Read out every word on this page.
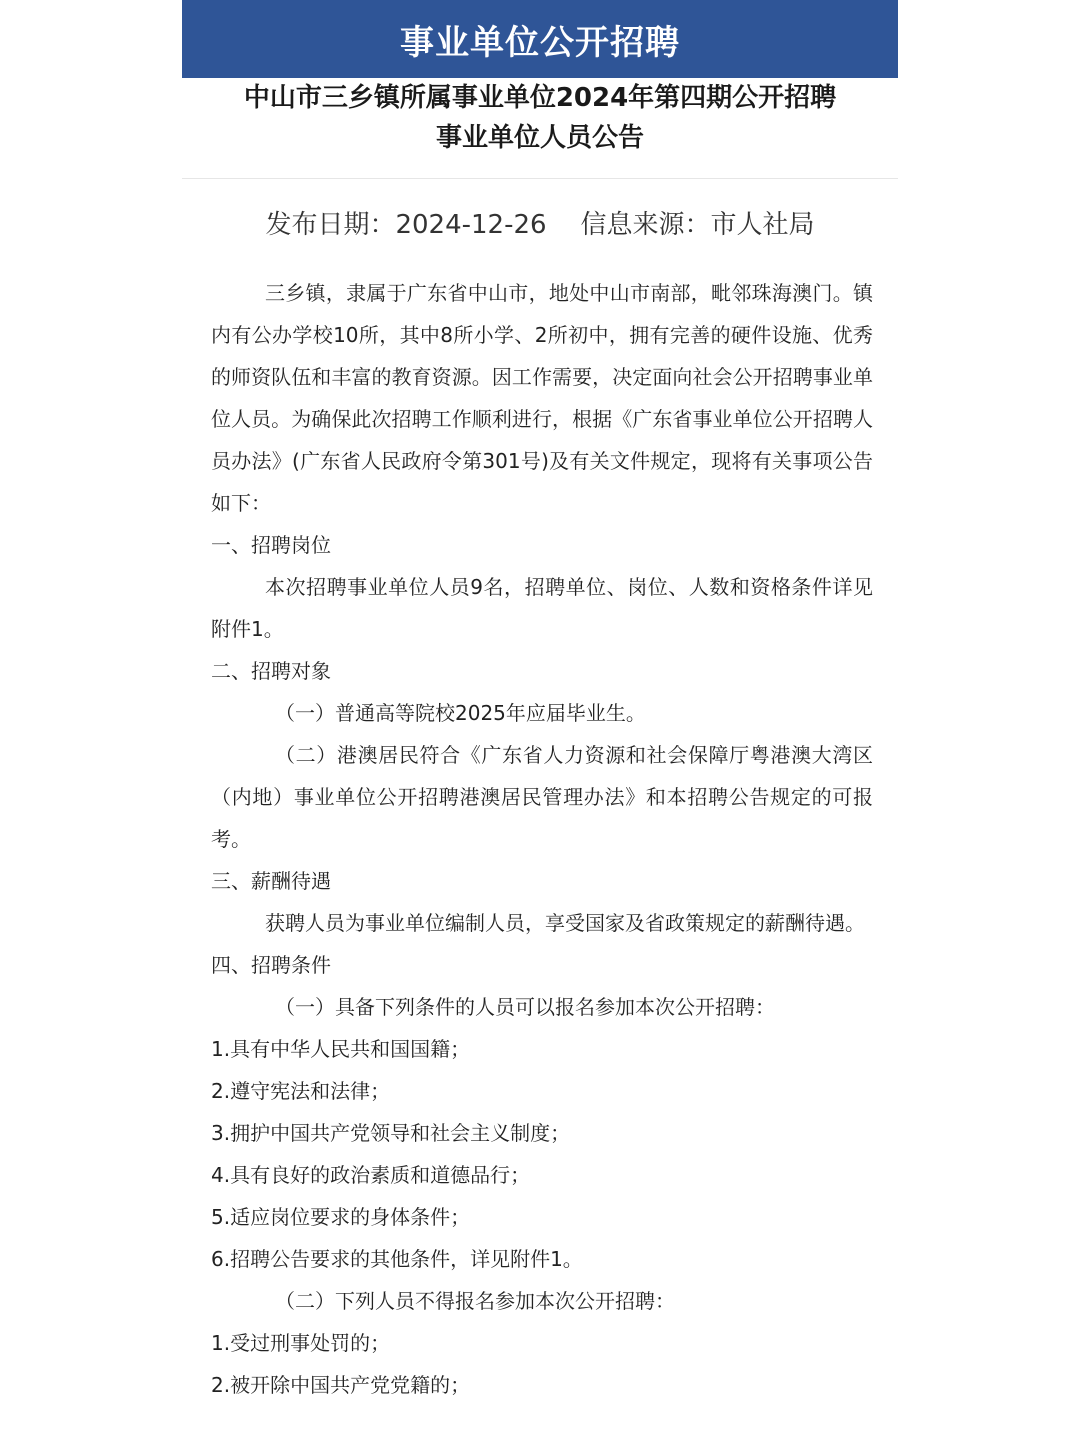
事业单位公开招聘
中山市三乡镇所属事业单位2024年第四期公开招聘
事业单位人员公告
发布日期：2024-12-26 信息来源：市人社局

三乡镇，隶属于广东省中山市，地处中山市南部，毗邻珠海澳门。镇内有公办学校10所，其中8所小学、2所初中，拥有完善的硬件设施、优秀的师资队伍和丰富的教育资源。因工作需要，决定面向社会公开招聘事业单位人员。为确保此次招聘工作顺利进行，根据《广东省事业单位公开招聘人员办法》(广东省人民政府令第301号)及有关文件规定，现将有关事项公告如下：

一、招聘岗位

本次招聘事业单位人员9名，招聘单位、岗位、人数和资格条件详见附件1。

二、招聘对象

（一）普通高等院校2025年应届毕业生。

（二）港澳居民符合《广东省人力资源和社会保障厅粤港澳大湾区（内地）事业单位公开招聘港澳居民管理办法》和本招聘公告规定的可报考。

三、薪酬待遇

获聘人员为事业单位编制人员，享受国家及省政策规定的薪酬待遇。

四、招聘条件

（一）具备下列条件的人员可以报名参加本次公开招聘：

1.具有中华人民共和国国籍；

2.遵守宪法和法律；

3.拥护中国共产党领导和社会主义制度；

4.具有良好的政治素质和道德品行；

5.适应岗位要求的身体条件；

6.招聘公告要求的其他条件，详见附件1。

（二）下列人员不得报名参加本次公开招聘：

1.受过刑事处罚的；

2.被开除中国共产党党籍的；
